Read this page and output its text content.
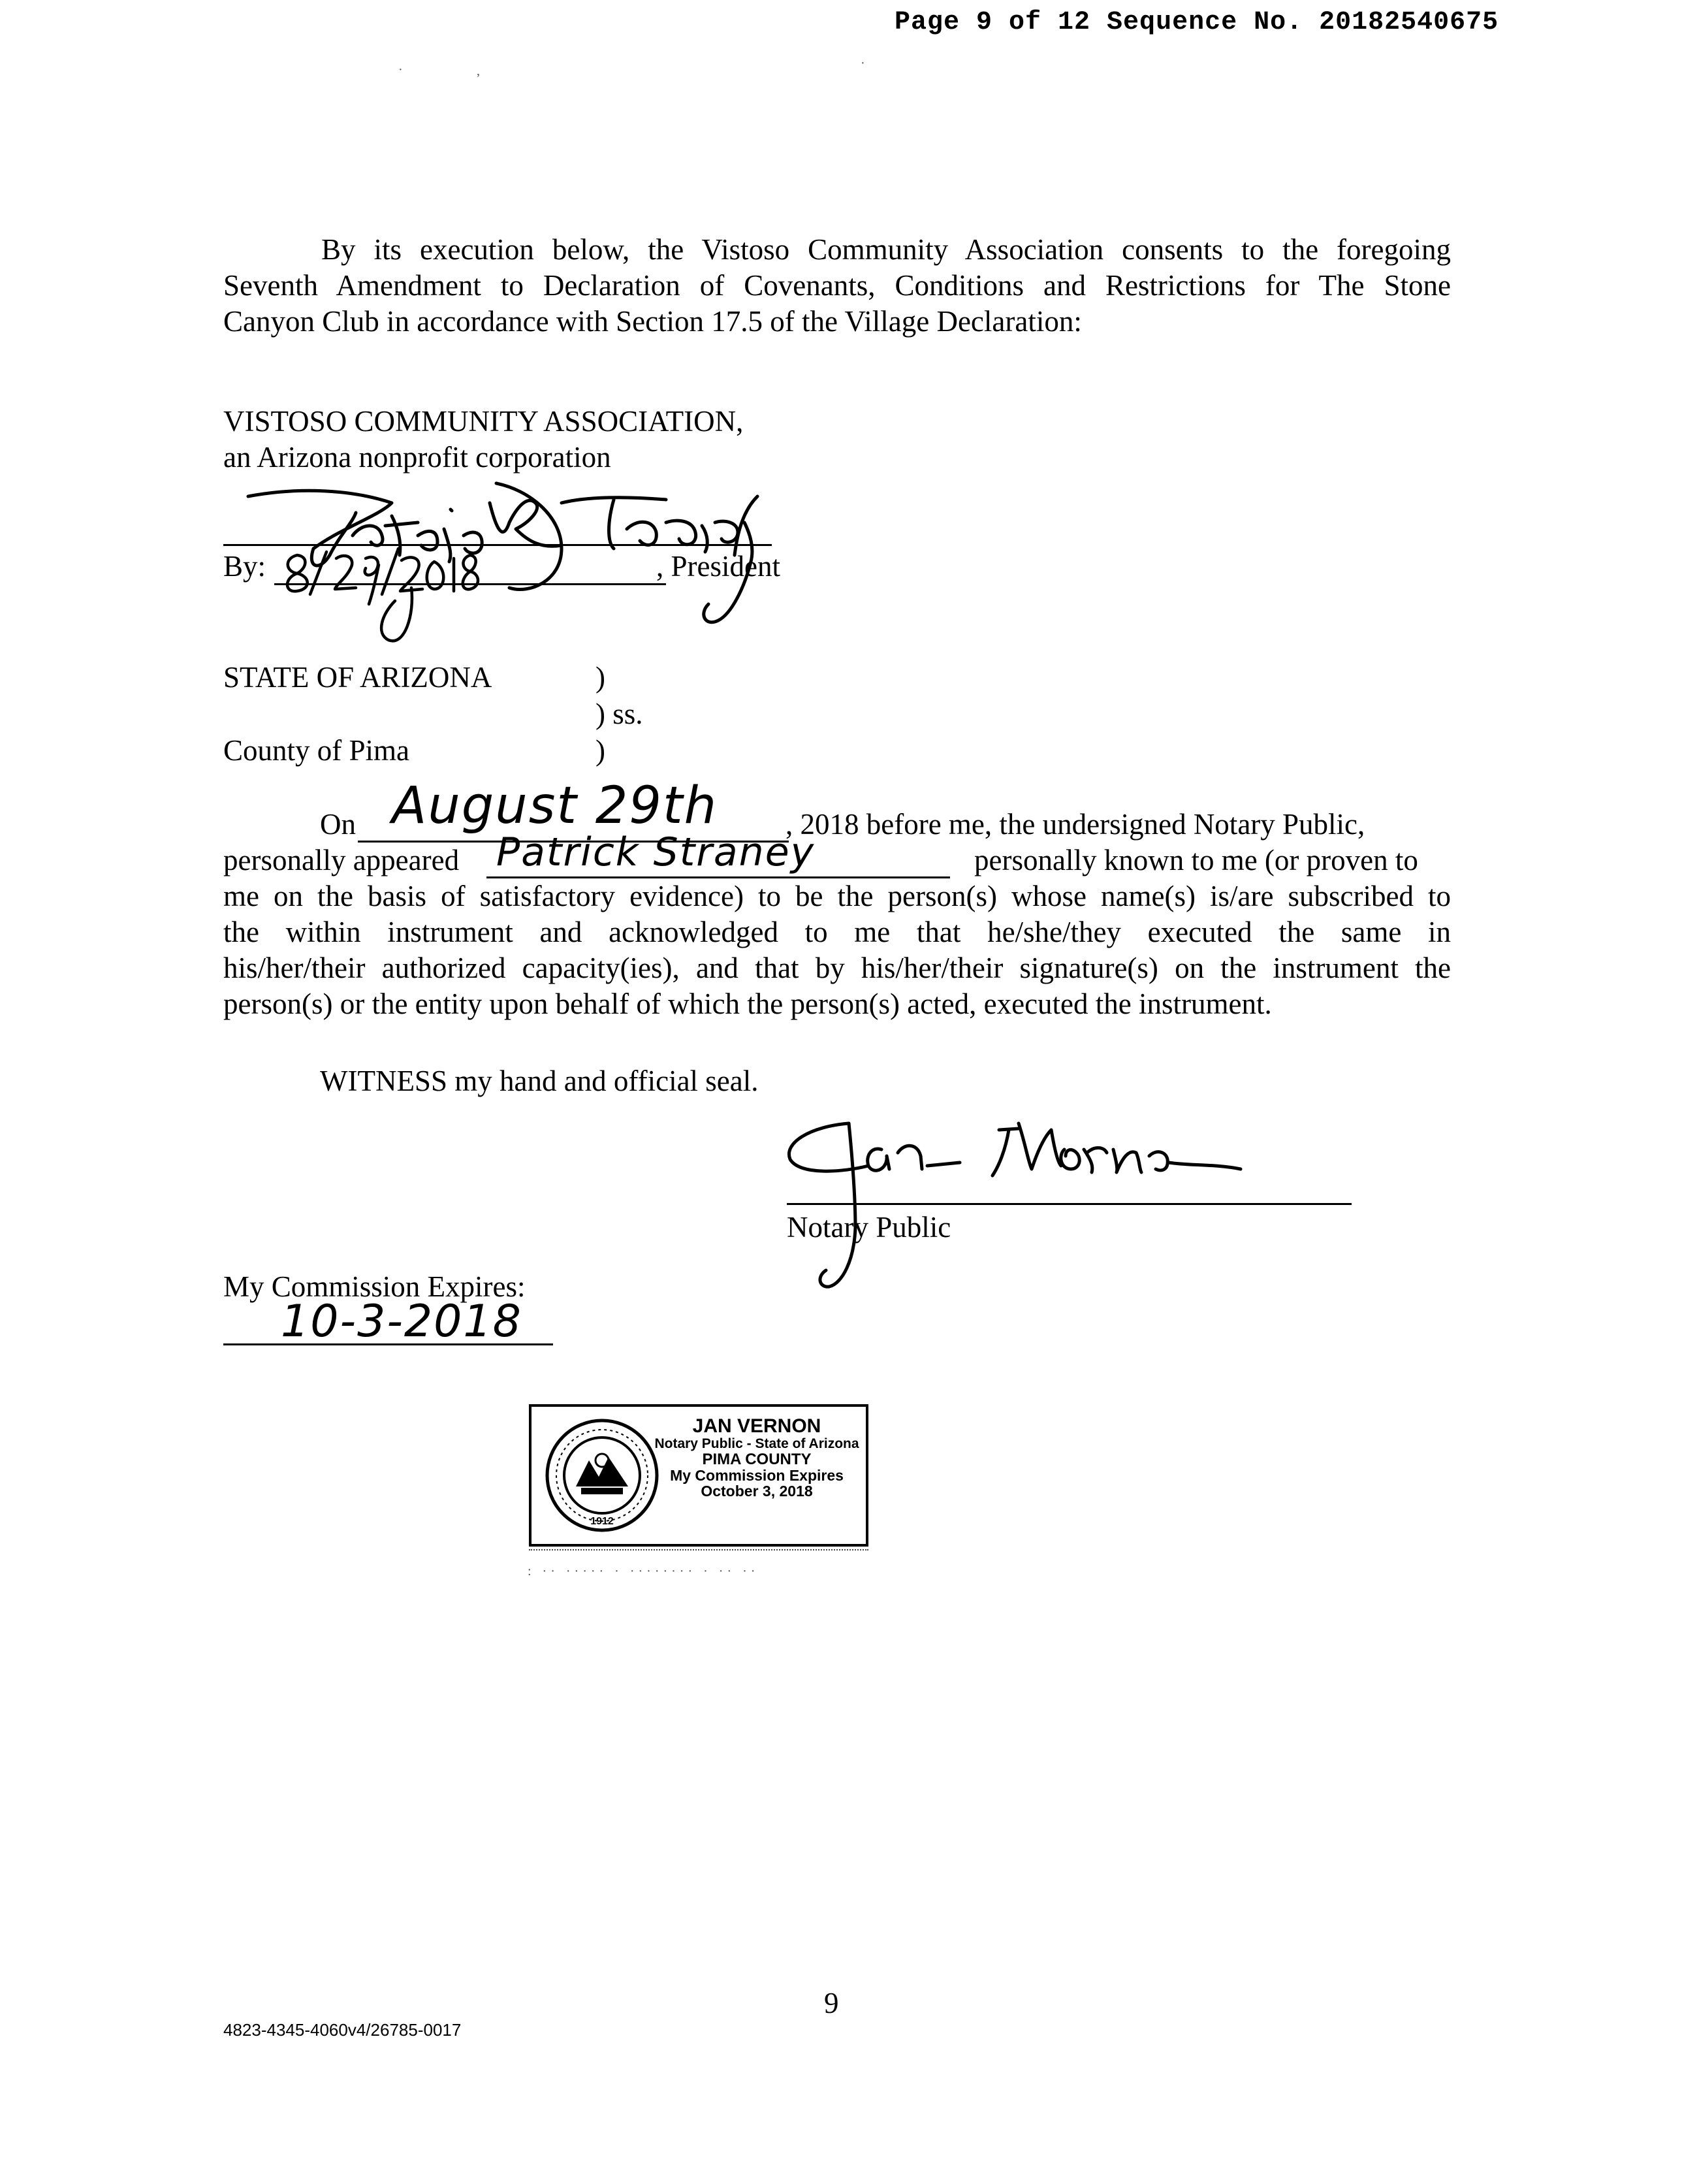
Page 9 of 12 Sequence No. 20182540675
·	,
·
By its execution below, the Vistoso Community Association consents to the foregoing
Seventh Amendment to Declaration of Covenants, Conditions and Restrictions for The Stone
Canyon Club in accordance with Section 17.5 of the Village Declaration:
VISTOSO COMMUNITY ASSOCIATION,
an Arizona nonprofit corporation
By:	, President
STATE OF ARIZONA	)
) ss.
County of Pima	)
On August 29th , 2018 before me, the undersigned Notary Public,
personally appeared Patrick Straney	personally known to me (or proven to
me on the basis of satisfactory evidence) to be the person(s) whose name(s) is/are subscribed to
the within instrument and acknowledged to me that he/she/they executed the same in
his/her/their authorized capacity(ies), and that by his/her/their signature(s) on the instrument the
person(s) or the entity upon behalf of which the person(s) acted, executed the instrument.
WITNESS my hand and official seal.
Notary Public
My Commission Expires:
10-3-2018
1912
JAN VERNON
Notary Public - State of Arizona
PIMA COUNTY
My Commission Expires
October 3, 2018
: ·· ····· · ········ · ·· ··
9
4823-4345-4060v4/26785-0017
